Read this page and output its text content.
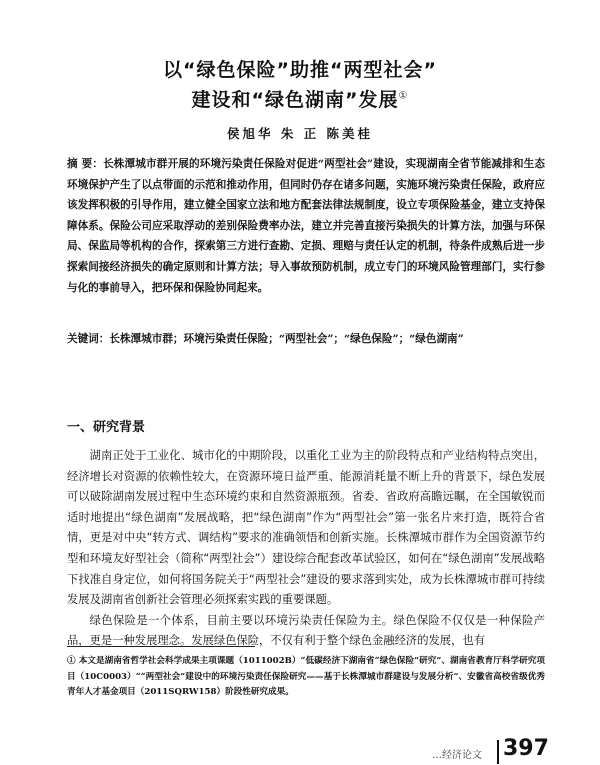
以“绿色保险”助推“两型社会”
建设和“绿色湖南”发展①
侯旭华 朱 正 陈美桂
摘 要：长株潭城市群开展的环境污染责任保险对促进“两型社会”建设，实现湖南全省节能减排和生态环境保护产生了以点带面的示范和推动作用，但同时仍存在诸多问题，实施环境污染责任保险，政府应该发挥积极的引导作用，建立健全国家立法和地方配套法律法规制度，设立专项保险基金，建立支持保障体系。保险公司应采取浮动的差别保险费率办法，建立并完善直接污染损失的计算方法，加强与环保局、保监局等机构的合作，探索第三方进行查勘、定损、理赔与责任认定的机制，待条件成熟后进一步探索间接经济损失的确定原则和计算方法；导入事故预防机制，成立专门的环境风险管理部门，实行参与化的事前导入，把环保和保险协同起来。
关键词：长株潭城市群；环境污染责任保险；“两型社会”；“绿色保险”；“绿色湖南”
一、研究背景

湖南正处于工业化、城市化的中期阶段，以重化工业为主的阶段特点和产业结构特点突出，经济增长对资源的依赖性较大，在资源环境日益严重、能源消耗量不断上升的背景下，绿色发展可以破除湖南发展过程中生态环境约束和自然资源瓶颈。省委、省政府高瞻远瞩，在全国敏锐而适时地提出“绿色湖南”发展战略，把“绿色湖南”作为“两型社会”第一张名片来打造，既符合省情，更是对中央“转方式、调结构”要求的准确领悟和创新实施。长株潭城市群作为全国资源节约型和环境友好型社会（简称“两型社会”）建设综合配套改革试验区，如何在“绿色湖南”发展战略下找准自身定位，如何将国务院关于“两型社会”建设的要求落到实处，成为长株潭城市群可持续发展及湖南省创新社会管理必须探索实践的重要课题。

绿色保险是一个体系，目前主要以环境污染责任保险为主。绿色保险不仅仅是一种保险产品，更是一种发展理念。发展绿色保险，不仅有利于整个绿色金融经济的发展，也有

① 本文是湖南省哲学社会科学成果主项课题（1011002B）“低碳经济下湖南省“绿色保险”研究”、湖南省教育厅科学研究项目（10C0003）““两型社会”建设中的环境污染责任保险研究——基于长株潭城市群建设与发展分析”、安徽省高校省级优秀青年人才基金项目（2011SQRW158）阶段性研究成果。
…经济论文 397
